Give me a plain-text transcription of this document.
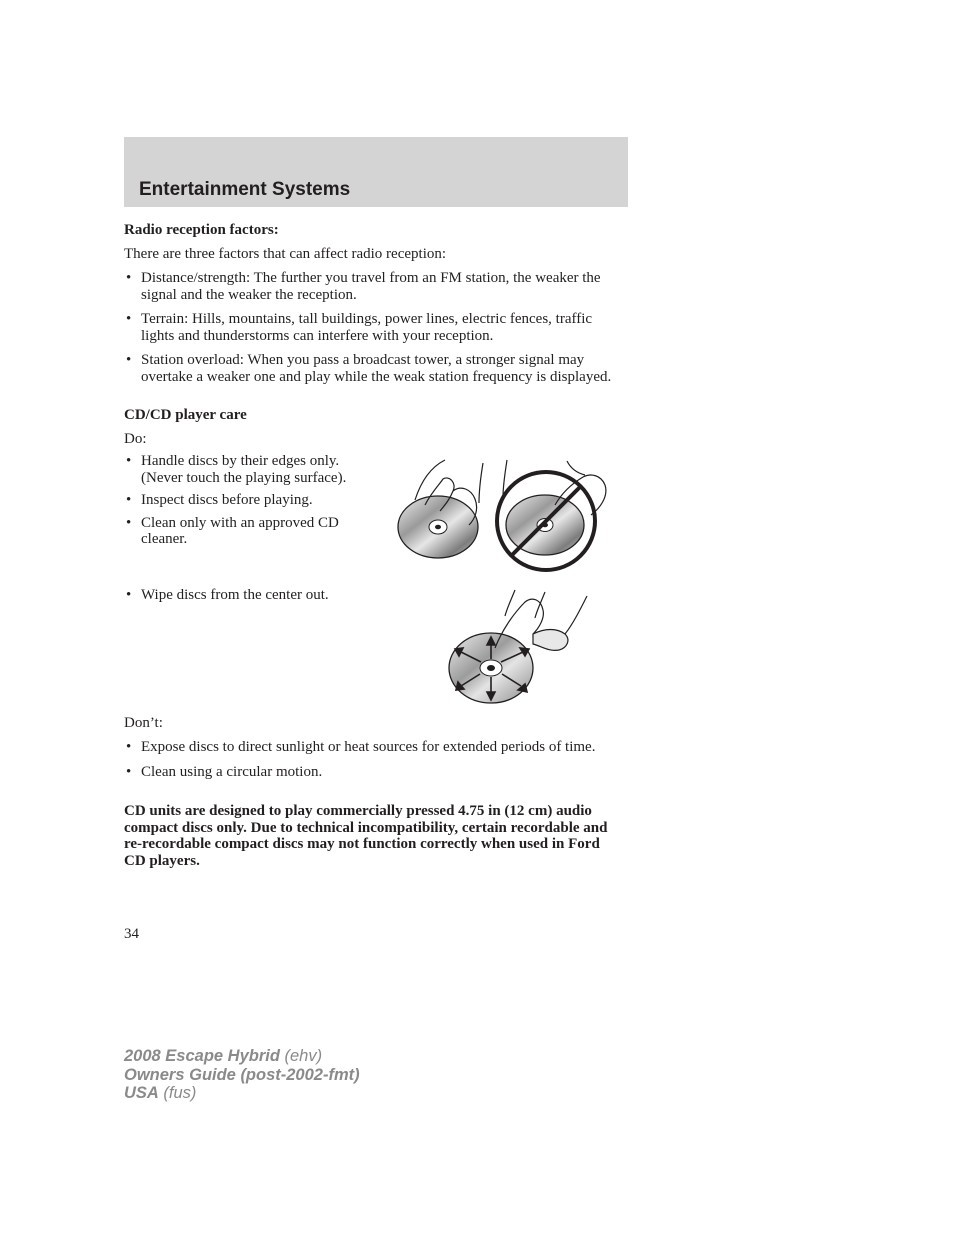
Entertainment Systems

Radio reception factors:

There are three factors that can affect radio reception:

• Distance/strength: The further you travel from an FM station, the weaker the signal and the weaker the reception.
• Terrain: Hills, mountains, tall buildings, power lines, electric fences, traffic lights and thunderstorms can interfere with your reception.
• Station overload: When you pass a broadcast tower, a stronger signal may overtake a weaker one and play while the weak station frequency is displayed.

CD/CD player care

Do:

• Handle discs by their edges only. (Never touch the playing surface).
• Inspect discs before playing.
• Clean only with an approved CD cleaner.
• Wipe discs from the center out.

Don’t:

• Expose discs to direct sunlight or heat sources for extended periods of time.
• Clean using a circular motion.

CD units are designed to play commercially pressed 4.75 in (12 cm) audio compact discs only. Due to technical incompatibility, certain recordable and re-recordable compact discs may not function correctly when used in Ford CD players.

34
2008 Escape Hybrid (ehv)
Owners Guide (post-2002-fmt)
USA (fus)
